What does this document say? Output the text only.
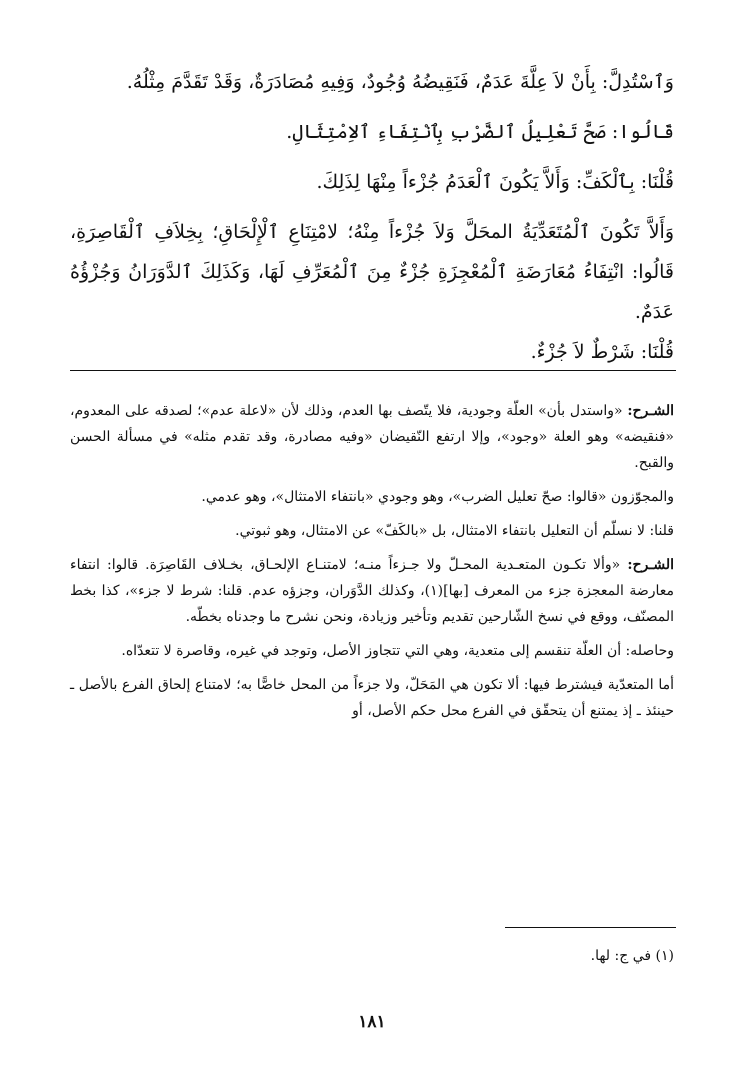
وَٱسْتُدِلَّ: بِأَنْ لاَ عِلَّةَ عَدَمٌ، فَنَقِيضُهُ وُجُودٌ، وَفِيهِ مُصَادَرَةٌ، وَقَدْ تَقَدَّمَ مِثْلُهُ.

قَالُوا: صَحَّ تَعْلِيلُ ٱلضَّرْبِ بِٱنْتِفَاءِ ٱلاِمْتِثَالِ.

قُلْنَا: بِٱلْكَفِّ: وَأَلاَّ يَكُونَ ٱلْعَدَمُ جُزْءاً مِنْهَا لِذَلِكَ.

وَأَلاَّ تَكُونَ ٱلْمُتَعَدِّيَةُ المحَلَّ وَلاَ جُزْءاً مِنْهُ؛ لامْتِنَاعِ ٱلْإِلْحَاقِ؛ بِخِلاَفِ ٱلْقَاصِرَةِ، قَالُوا: انْتِفَاءُ مُعَارَضَةِ ٱلْمُعْجِزَةِ جُزْءٌ مِنَ ٱلْمُعَرِّفِ لَهَا، وَكَذَلِكَ ٱلدَّوَرَانُ وَجُزْؤُهُ عَدَمٌ.

قُلْنَا: شَرْطٌ لاَ جُزْءٌ.

الشـرح: «واستدل بأن» العلّة وجودية، فلا يتّصف بها العدم، وذلك لأن «لاعلة عدم»؛ لصدقه على المعدوم، «فنقيضه» وهو العلة «وجود»، وإلا ارتفع النّقيضان «وفيه مصادرة، وقد تقدم مثله» في مسألة الحسن والقبح.

والمجوّزون «قالوا: صحّ تعليل الضرب»، وهو وجودي «بانتفاء الامتثال»، وهو عدمي.

قلنا: لا نسلّم أن التعليل بانتفاء الامتثال، بل «بالكَفّ» عن الامتثال، وهو ثبوتي.

الشـرح: «وألا تكـون المتعـدية المحـلّ ولا جـزءاً منـه؛ لامتنـاع الإلحـاق، بخـلاف القَاصِرَة. قالوا: انتفاء معارضة المعجزة جزء من المعرف [بها](١)، وكذلك الدَّوَران، وجزؤه عدم. قلنا: شرط لا جزء»، كذا بخط المصنّف، ووقع في نسخ الشّارحين تقديم وتأخير وزيادة، ونحن نشرح ما وجدناه بخطّه.

وحاصله: أن العلّة تنقسم إلى متعدية، وهي التي تتجاوز الأصل، وتوجد في غيره، وقاصرة لا تتعدّاه.

أما المتعدّية فيشترط فيها: ألا تكون هي المَحَلّ، ولا جزءاً من المحل خاصًّا به؛ لامتناع إلحاق الفرع بالأصل ـ حينئذ ـ إذ يمتنع أن يتحقّق في الفرع محل حكم الأصل، أو

(١) في ج: لها.
١٨١
